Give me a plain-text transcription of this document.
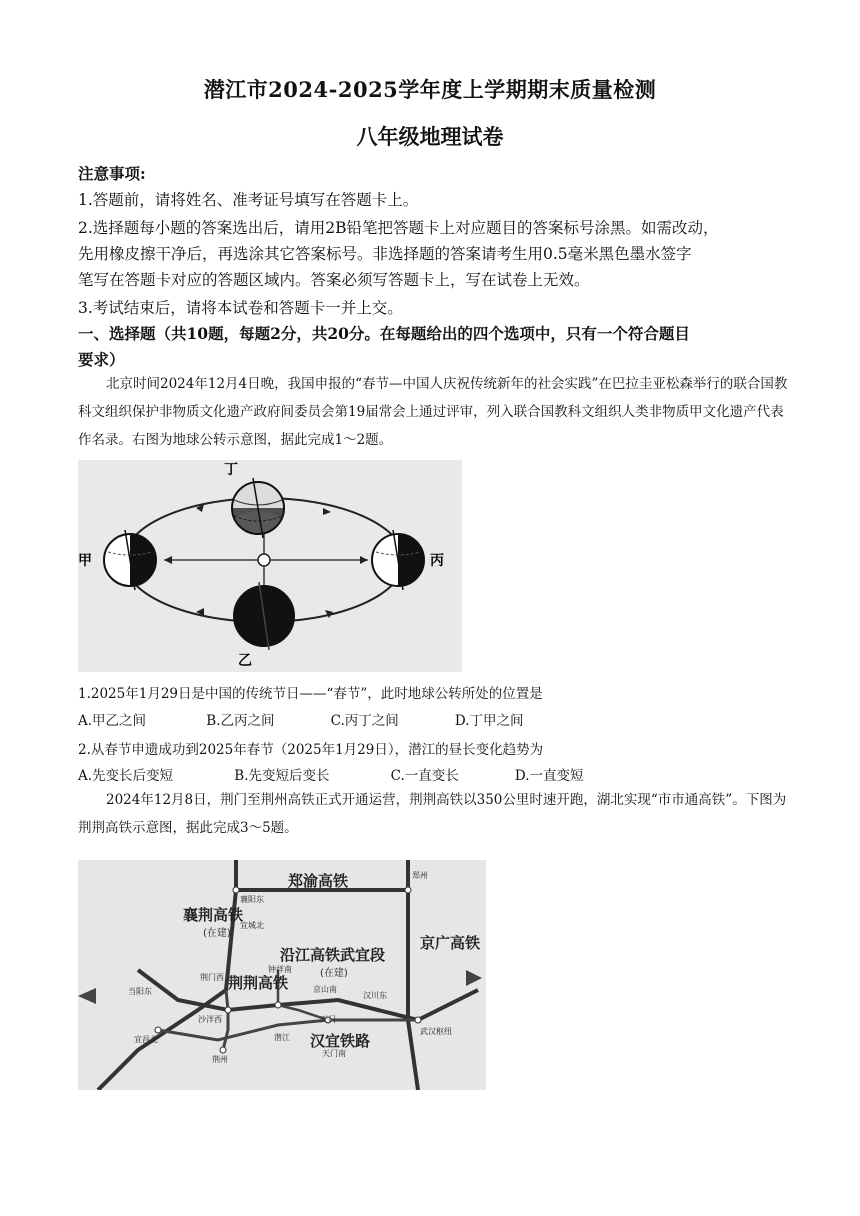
潜江市2024-2025学年度上学期期末质量检测
八年级地理试卷
注意事项:
1.答题前，请将姓名、准考证号填写在答题卡上。
2.选择题每小题的答案选出后，请用2B铅笔把答题卡上对应题目的答案标号涂黑。如需改动，
先用橡皮擦干净后，再选涂其它答案标号。非选择题的答案请考生用0.5毫米黑色墨水签字
笔写在答题卡对应的答题区域内。答案必须写答题卡上，写在试卷上无效。
3.考试结束后，请将本试卷和答题卡一并上交。
一、选择题（共10题，每题2分，共20分。在每题给出的四个选项中，只有一个符合题目
要求）
北京时间2024年12月4日晚，我国申报的“春节—中国人庆祝传统新年的社会实践”在巴拉圭亚松森举行的联合国教科文组织保护非物质文化遗产政府间委员会第19届常会上通过评审，列入联合国教科文组织人类非物质甲文化遗产代表作名录。右图为地球公转示意图，据此完成1～2题。
丁
甲	丙
乙
1.2025年1月29日是中国的传统节日——“春节”，此时地球公转所处的位置是
A.甲乙之间	B.乙丙之间	C.丙丁之间	D.丁甲之间
2.从春节申遗成功到2025年春节（2025年1月29日），潜江的昼长变化趋势为
A.先变长后变短	B.先变短后变长	C.一直变长	D.一直变短
2024年12月8日，荆门至荆州高铁正式开通运营，荆荆高铁以350公里时速开跑，湖北实现“市市通高铁”。下图为荆荆高铁示意图，据此完成3～5题。
郑渝高铁
襄荆高铁
(在建)
沿江高铁武宜段
(在建)
京广高铁
荆荆高铁
汉宜铁路
襄阳东
宜城北
荆门西
钟祥南
当阳东	京山南
汉川东
沙洋西	天门
武汉枢纽
宜昌北
荆州
潜江
天门南
郑州
